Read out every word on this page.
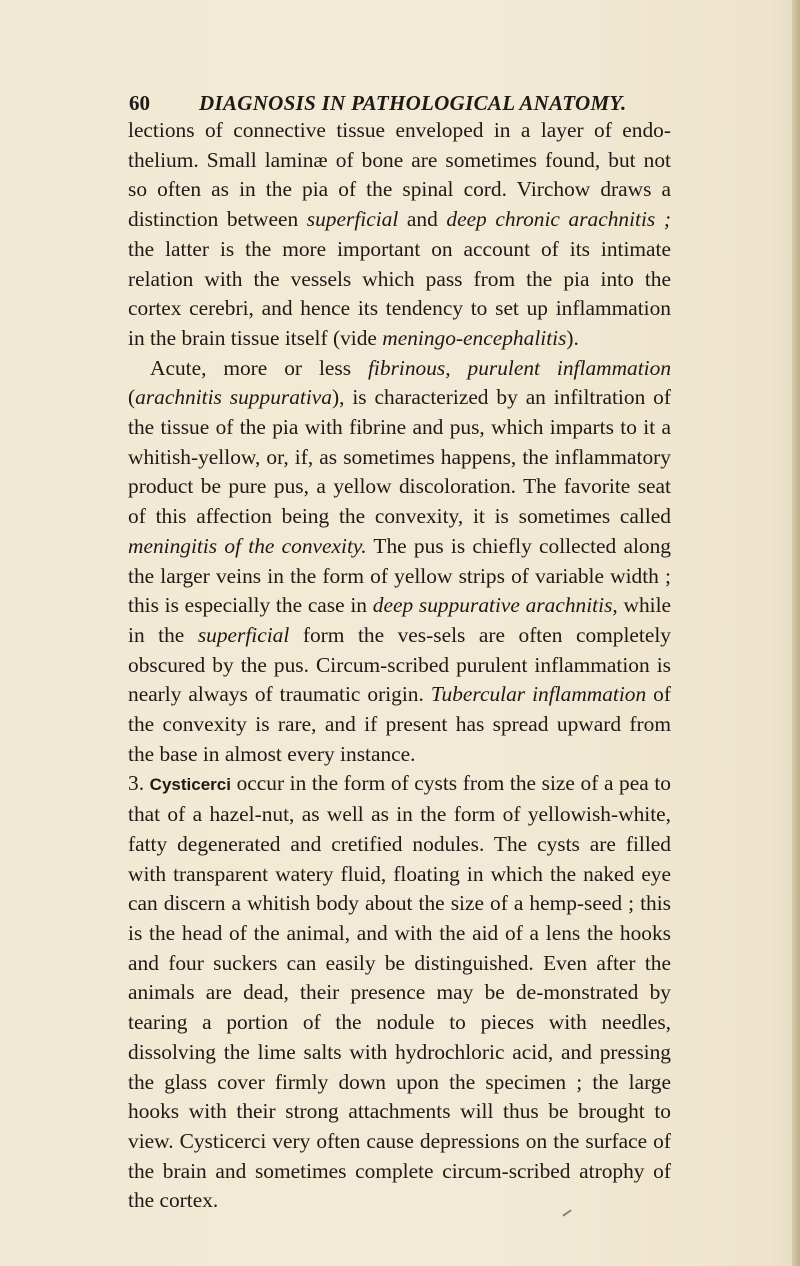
60 DIAGNOSIS IN PATHOLOGICAL ANATOMY.

lections of connective tissue enveloped in a layer of endo-thelium. Small laminæ of bone are sometimes found, but not so often as in the pia of the spinal cord. Virchow draws a distinction between superficial and deep chronic arachnitis ; the latter is the more important on account of its intimate relation with the vessels which pass from the pia into the cortex cerebri, and hence its tendency to set up inflammation in the brain tissue itself (vide meningo-encephalitis).

Acute, more or less fibrinous, purulent inflammation (arachnitis suppurativa), is characterized by an infiltration of the tissue of the pia with fibrine and pus, which imparts to it a whitish-yellow, or, if, as sometimes happens, the inflammatory product be pure pus, a yellow discoloration. The favorite seat of this affection being the convexity, it is sometimes called meningitis of the convexity. The pus is chiefly collected along the larger veins in the form of yellow strips of variable width ; this is especially the case in deep suppurative arachnitis, while in the superficial form the ves-sels are often completely obscured by the pus. Circum-scribed purulent inflammation is nearly always of traumatic origin. Tubercular inflammation of the convexity is rare, and if present has spread upward from the base in almost every instance.

3. Cysticerci occur in the form of cysts from the size of a pea to that of a hazel-nut, as well as in the form of yellowish-white, fatty degenerated and cretified nodules. The cysts are filled with transparent watery fluid, floating in which the naked eye can discern a whitish body about the size of a hemp-seed ; this is the head of the animal, and with the aid of a lens the hooks and four suckers can easily be distinguished. Even after the animals are dead, their presence may be de-monstrated by tearing a portion of the nodule to pieces with needles, dissolving the lime salts with hydrochloric acid, and pressing the glass cover firmly down upon the specimen ; the large hooks with their strong attachments will thus be brought to view. Cysticerci very often cause depressions on the surface of the brain and sometimes complete circum-scribed atrophy of the cortex.
